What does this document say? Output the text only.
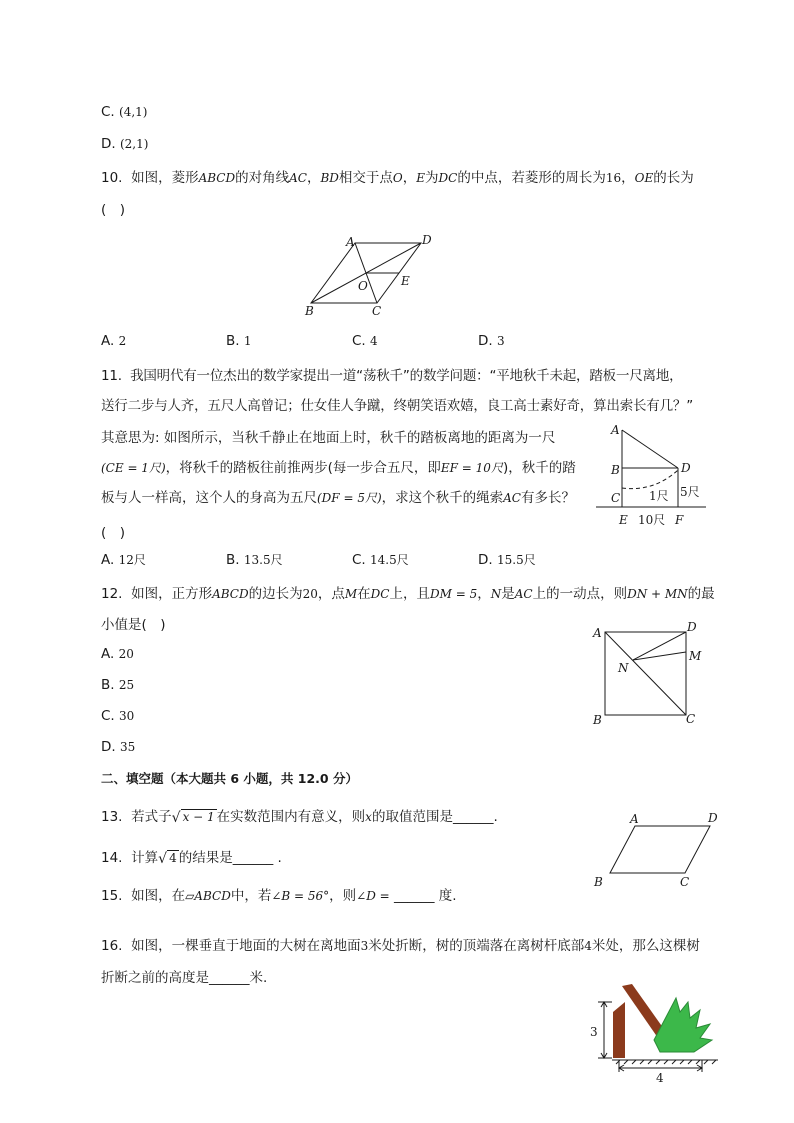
C. (4,1)
D. (2,1)
10. 如图，菱形ABCD的对角线AC，BD相交于点O，E为DC的中点，若菱形的周长为16，OE的长为
(　)
A	D
O	E
B	C
A. 2	B. 1	C. 4	D. 3
11. 我国明代有一位杰出的数学家提出一道“荡秋千”的数学问题：“平地秋千未起，踏板一尺离地，
送行二步与人齐，五尺人高曾记；仕女佳人争蹴，终朝笑语欢嬉，良工高士素好奇，算出索长有几？”
其意思为: 如图所示，当秋千静止在地面上时，秋千的踏板离地的距离为一尺
(CE = 1尺)，将秋千的踏板往前推两步(每一步合五尺，即EF = 10尺)，秋千的踏
板与人一样高，这个人的身高为五尺(DF = 5尺)，求这个秋千的绳索AC有多长？
(　)
A
B
C
D
E	F
1尺 5尺
10尺
A. 12尺	B. 13.5尺	C. 14.5尺	D. 15.5尺
12. 如图，正方形ABCD的边长为20，点M在DC上，且DM = 5，N是AC上的一动点，则DN + MN的最
小值是(　)	A	D
M
N
B	C
A. 20
B. 25
C. 30
D. 35
二、填空题（本大题共 6 小题，共 12.0 分）
13. 若式子 √ x − 1 在实数范围内有意义，则x的取值范围是______.
14. 计算 √ 4 的结果是______ .
15. 如图，在▱ABCD中，若∠B = 56°，则∠D = ______ 度.
A	D
B	C
16. 如图，一棵垂直于地面的大树在离地面3米处折断，树的顶端落在离树杆底部4米处，那么这棵树
折断之前的高度是______米.
3
4
